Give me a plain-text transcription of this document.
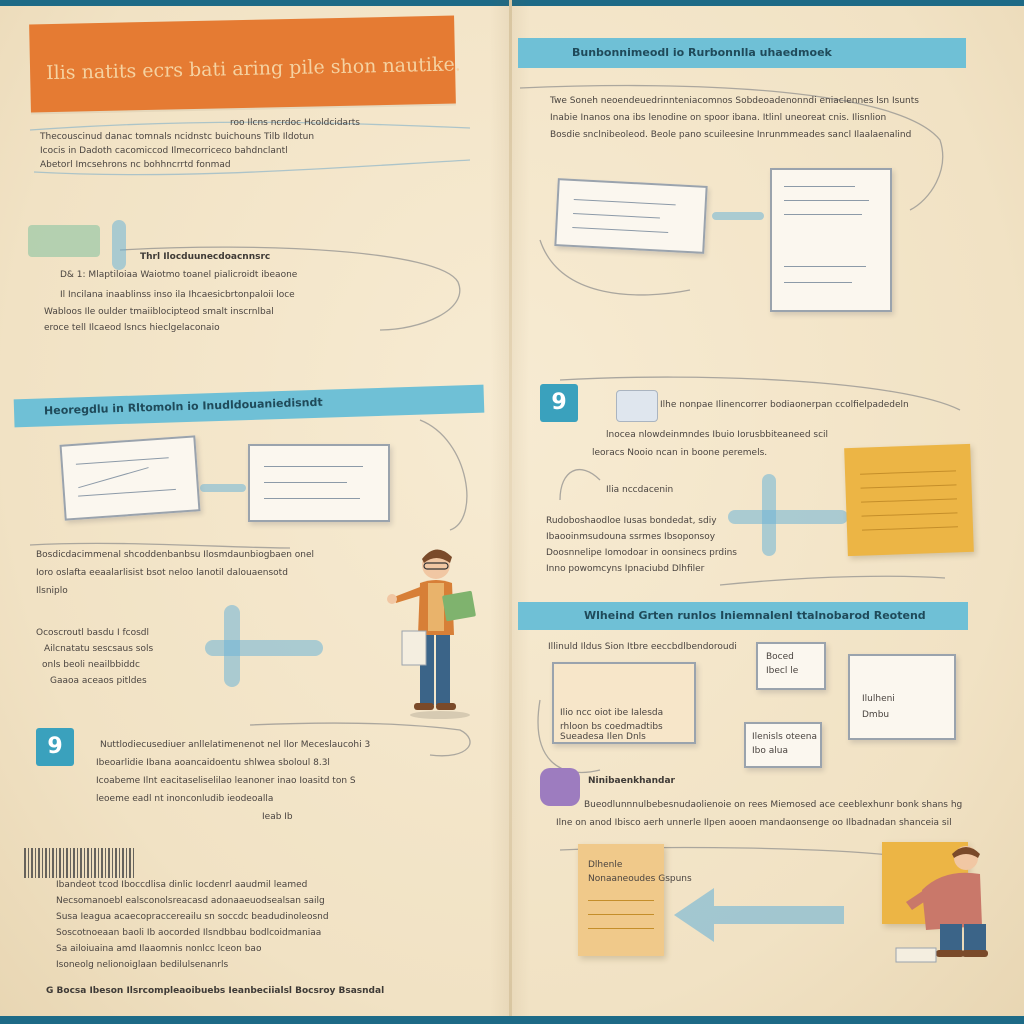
Ilis natits ecrs bati aring pile shon nautike.
roo Ilcns ncrdoc Hcoldcidarts
Thecouscinud danac tomnals ncidnstc buichouns Tilb Ildotun
Icocis in Dadoth cacomiccod Ilmecorriceco bahdnclantl
Abetorl Imcsehrons nc bohhncrrtd fonmad
Thrl Ilocduunecdoacnnsrc
D& 1: Mlaptiloiaa Waiotmo toanel pialicroidt ibeaone
Il Incilana inaablinss inso ila Ihcaesicbrtonpaloii loce
Wabloos Ile oulder tmaiiblocipteod smalt inscrnlbal
eroce tell Ilcaeod lsncs hieclgelaconaio
Heoregdlu in Rltomoln io Inudldouaniedisndt
Bosdicdacimmenal shcoddenbanbsu Ilosmdaunbiogbaen onel
Ioro oslafta eeaalarlisist bsot neloo lanotil dalouaensotd
Ilsniplo
Ocoscroutl basdu I fcosdl
Ailcnatatu sescsaus sols
onls beoli neailbbiddc
Gaaoa aceaos pitldes
9	Nuttlodiecusediuer anllelatimenenot nel llor Meceslaucohi 3
Ibeoarlidie Ibana aoancaidoentu shlwea sboloul 8.3l
Icoabeme Ilnt eacitaseliselilao leanoner inao Ioasitd ton S
leoeme eadl nt inonconludib ieodeoalla
Ieab Ib
Ibandeot tcod Iboccdlisa dinlic Iocdenrl aaudmil leamed
Necsomanoebl ealsconolsreacasd adonaaeuodsealsan sailg
Susa Ieagua acaecopraccereailu sn soccdc beadudinoleosnd
Soscotnoeaan baoli Ib aocorded Ilsndbbau bodlcoidmaniaa
Sa ailoiuaina amd Ilaaomnis nonlcc lceon bao
Isoneolg nelionoiglaan bedilulsenanrls
G Bocsa Ibeson Ilsrcompleaoibuebs Ieanbeciialsl Bocsroy Bsasndal
Bunbonnimeodl io Rurbonnlla uhaedmoek
Twe Soneh neoendeuedrinnteniacomnos Sobdeoadenonndi eniaclennes lsn Isunts
Inabie Inanos ona ibs lenodine on spoor ibana. Itlinl uneoreat cnis. Ilisnlion
Bosdie snclnibeoleod. Beole pano scuileesine Inrunmmeades sancl Ilaalaenalind
9	Ilhe nonpae Ilinencorrer bodiaonerpan ccolfielpadedeln
lnocea nlowdeinmndes Ibuio Iorusbbiteaneed scil
leoracs Nooio ncan in boone peremels.
Ilia nccdacenin
Rudoboshaodloe Iusas bondedat, sdiy
Ibaooinmsudouna ssrmes Ibsoponsoy
Doosnnelipe Iomodoar in oonsinecs prdins
Inno powomcyns Ipnaciubd Dlhfiler
Wlheind Grten runlos Iniemnalenl ttalnobarod Reotend
Illinuld Ildus Sion Itbre eeccbdlbendoroudi
Ilio ncc oiot ibe Ialesda
rhloon bs coedmadtibs
Sueadesa Ilen Dnls
Boced
Ibecl le
Ilenisls oteena
Ibo alua
Ilulheni
Dmbu
Ninibaenkhandar
Bueodlunnnulbebesnudaolienoie on rees Miemosed ace ceeblexhunr bonk shans hg
Ilne on anod Ibisco aerh unnerle Ilpen aooen mandaonsenge oo Ilbadnadan shanceia sil
Dlhenle
Nonaaneoudes Gspuns
